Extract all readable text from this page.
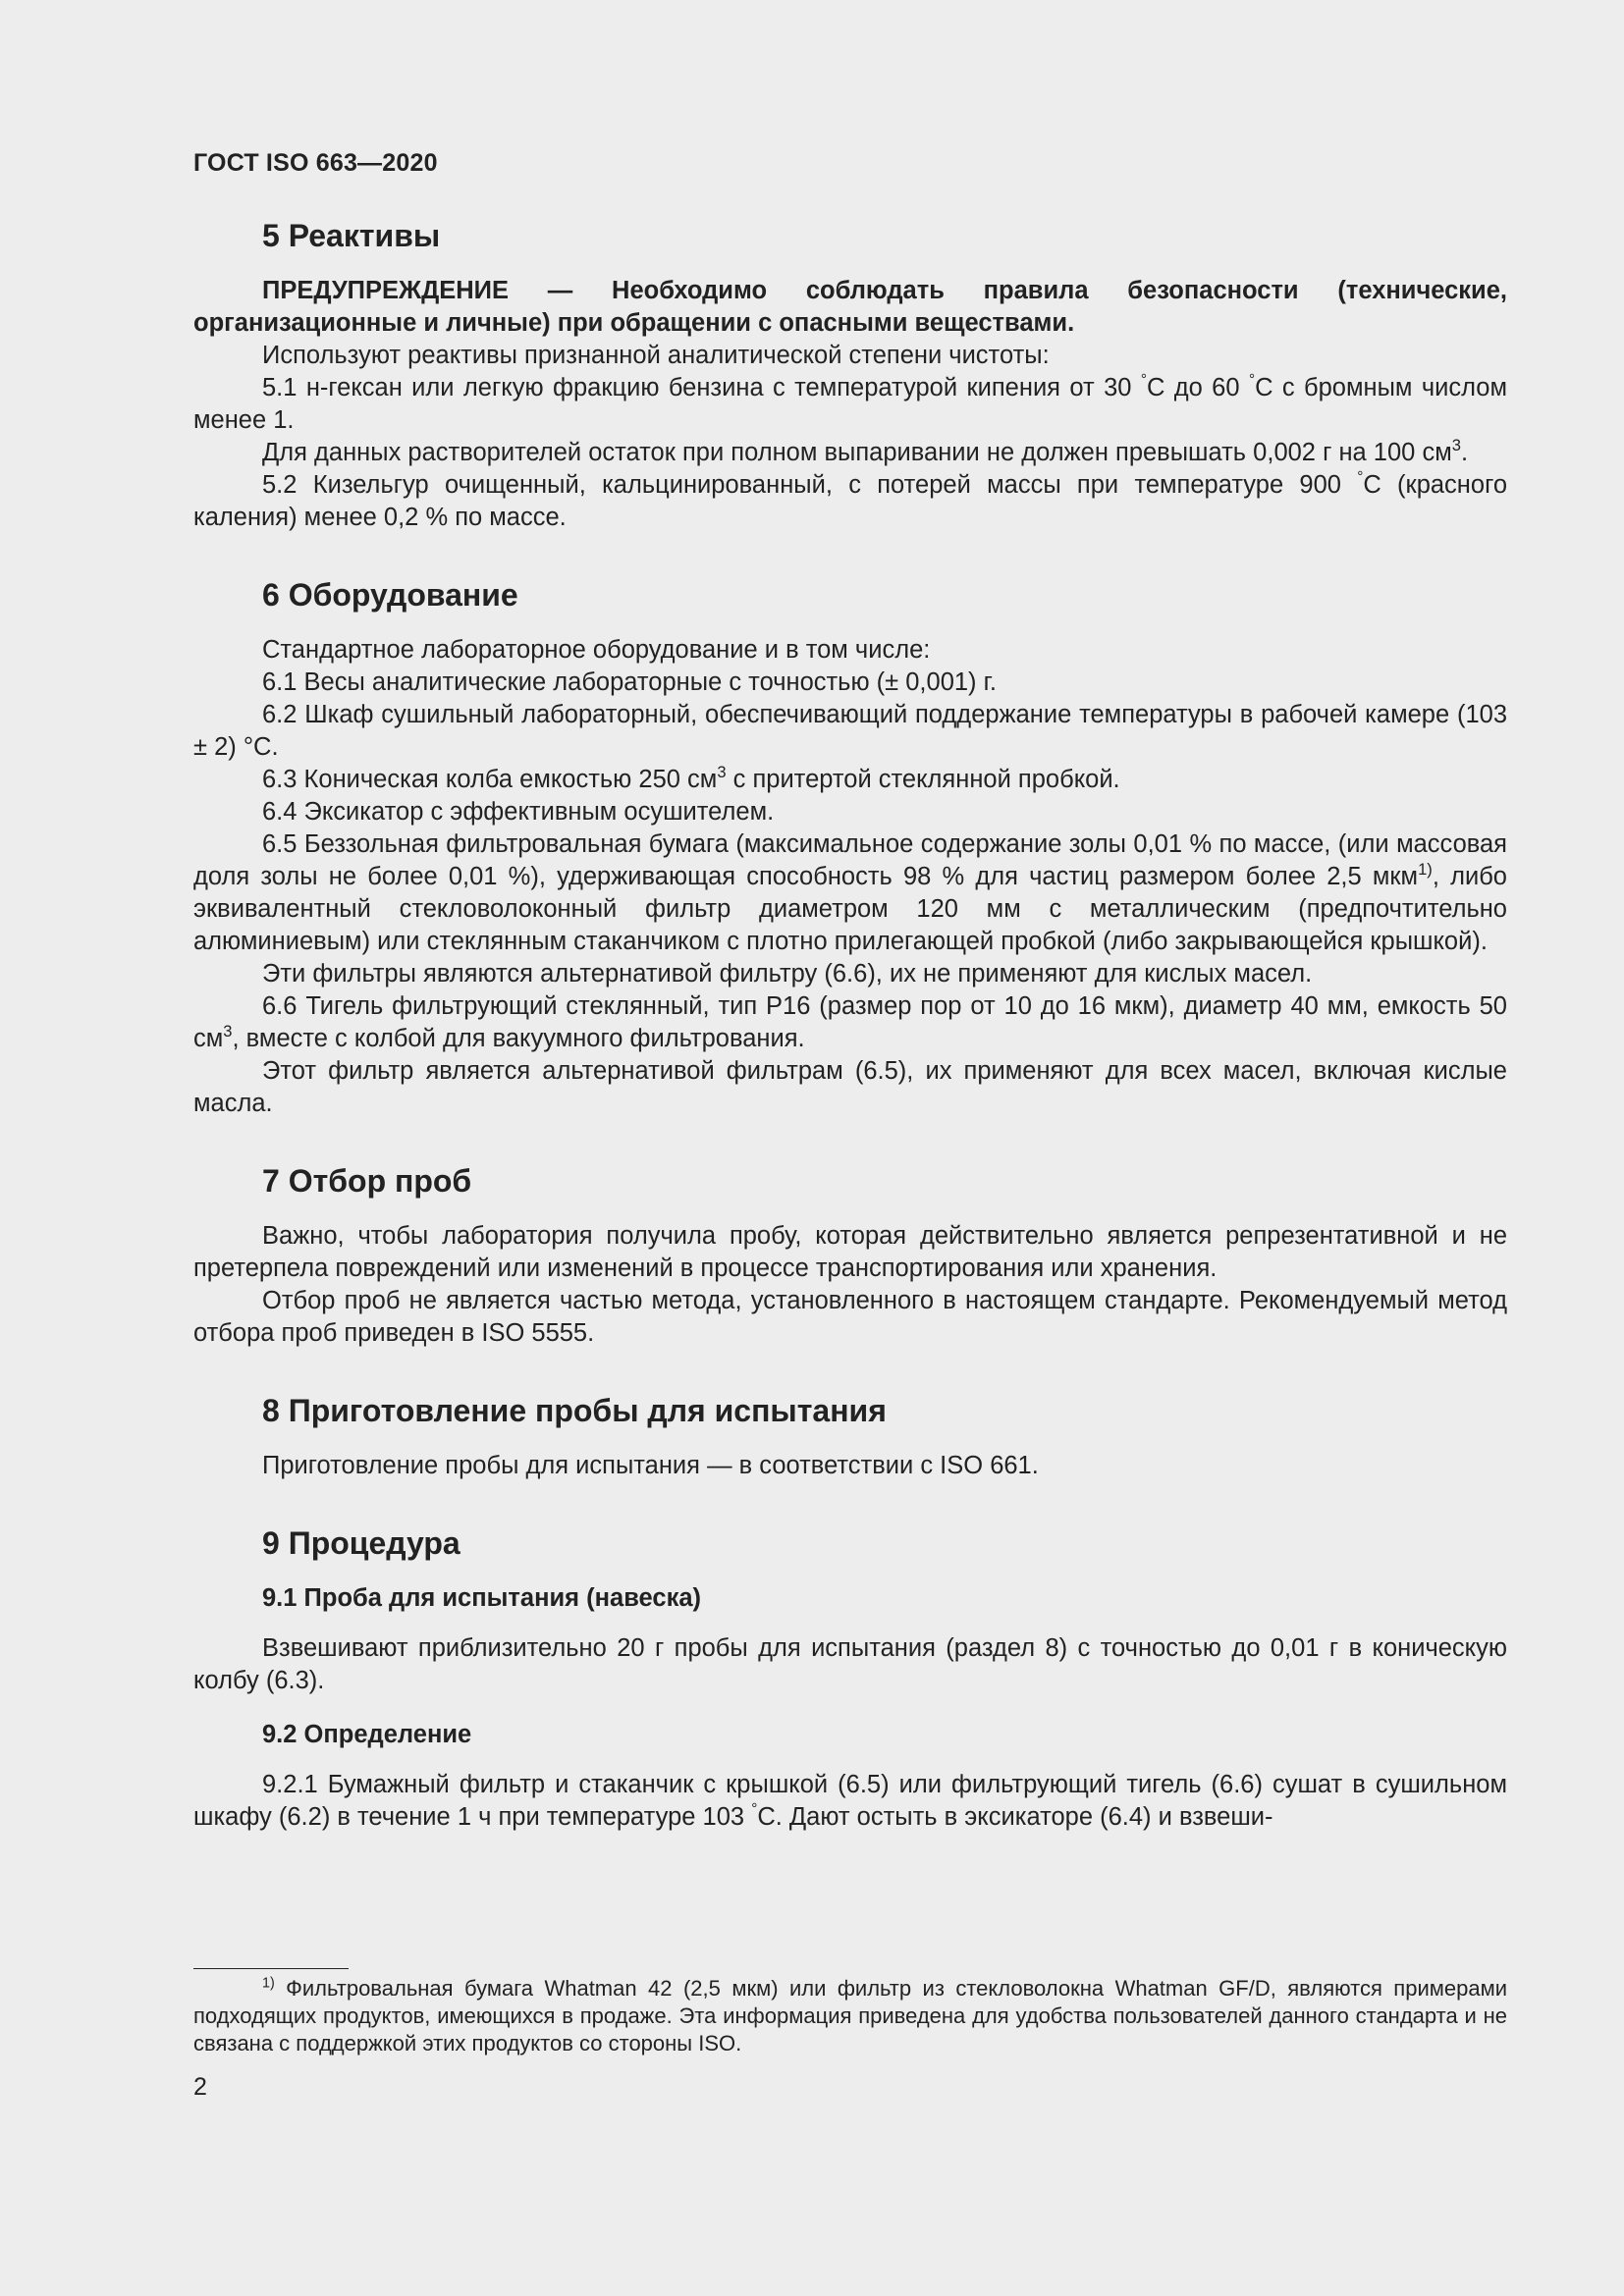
ГОСТ ISO 663—2020
5 Реактивы

ПРЕДУПРЕЖДЕНИЕ — Необходимо соблюдать правила безопасности (технические, организационные и личные) при обращении с опасными веществами.

Используют реактивы признанной аналитической степени чистоты:

5.1 н-гексан или легкую фракцию бензина с температурой кипения от 30 °С до 60 °С с бромным числом менее 1.

Для данных растворителей остаток при полном выпаривании не должен превышать 0,002 г на 100 $см^3$.

5.2 Кизельгур очищенный, кальцинированный, с потерей массы при температуре 900 °С (красного каления) менее 0,2 % по массе.

6 Оборудование

Стандартное лабораторное оборудование и в том числе:

6.1 Весы аналитические лабораторные с точностью (± 0,001) г.

6.2 Шкаф сушильный лабораторный, обеспечивающий поддержание температуры в рабочей камере (103 ± 2) °С.

6.3 Коническая колба емкостью 250 $см^3$ с притертой стеклянной пробкой.

6.4 Эксикатор с эффективным осушителем.

6.5 Беззольная фильтровальная бумага (максимальное содержание золы 0,01 % по массе, (или массовая доля золы не более 0,01 %), удерживающая способность 98 % для частиц размером более 2,5 мкм$^{1)}$, либо эквивалентный стекловолоконный фильтр диаметром 120 мм с металлическим (предпочтительно алюминиевым) или стеклянным стаканчиком с плотно прилегающей пробкой (либо закрывающейся крышкой).

Эти фильтры являются альтернативой фильтру (6.6), их не применяют для кислых масел.

6.6 Тигель фильтрующий стеклянный, тип Р16 (размер пор от 10 до 16 мкм), диаметр 40 мм, емкость 50 $см^3$, вместе с колбой для вакуумного фильтрования.

Этот фильтр является альтернативой фильтрам (6.5), их применяют для всех масел, включая кислые масла.

7 Отбор проб

Важно, чтобы лаборатория получила пробу, которая действительно является репрезентативной и не претерпела повреждений или изменений в процессе транспортирования или хранения.

Отбор проб не является частью метода, установленного в настоящем стандарте. Рекомендуемый метод отбора проб приведен в ISO 5555.

8 Приготовление пробы для испытания

Приготовление пробы для испытания — в соответствии с ISO 661.

9 Процедура
9.1 Проба для испытания (навеска)

Взвешивают приблизительно 20 г пробы для испытания (раздел 8) с точностью до 0,01 г в коническую колбу (6.3).

9.2 Определение

9.2.1 Бумажный фильтр и стаканчик с крышкой (6.5) или фильтрующий тигель (6.6) сушат в сушильном шкафу (6.2) в течение 1 ч при температуре 103 °С. Дают остыть в эксикаторе (6.4) и взвеши-

$^{1)}$ Фильтровальная бумага Whatman 42 (2,5 мкм) или фильтр из стекловолокна Whatman GF/D, являются примерами подходящих продуктов, имеющихся в продаже. Эта информация приведена для удобства пользователей данного стандарта и не связана с поддержкой этих продуктов со стороны ISO.

2
